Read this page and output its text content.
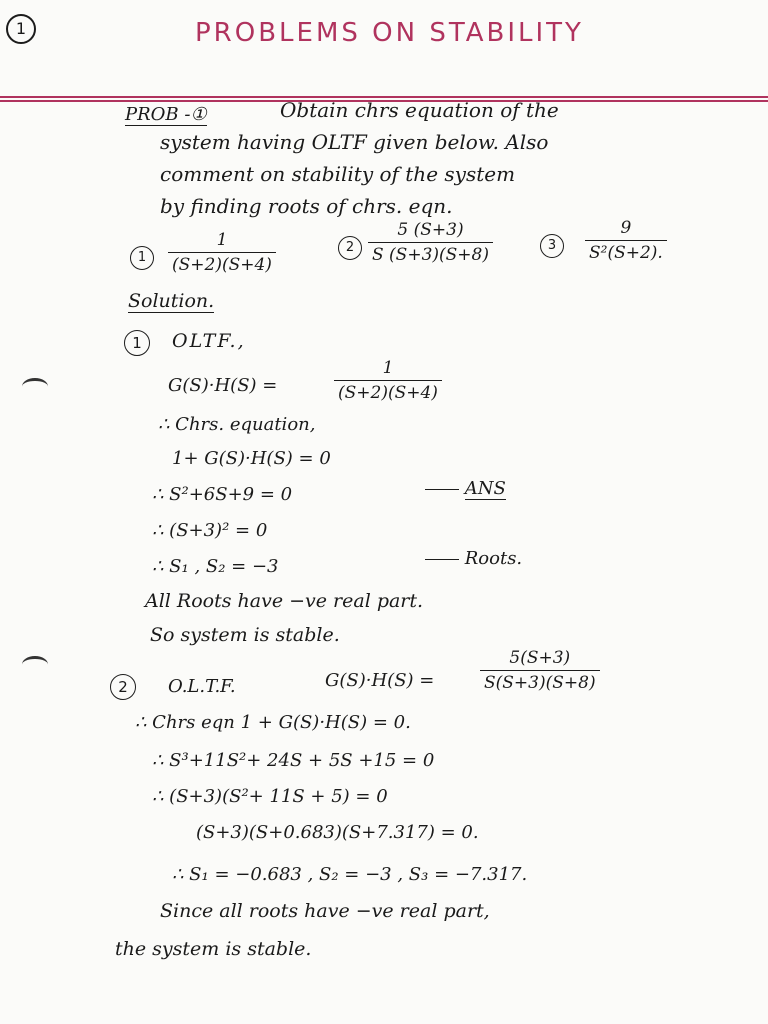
1	PROBLEMS ON STABILITY
PROB -①	Obtain chrs equation of the
system having OLTF given below. Also
comment on stability of the system
by finding roots of chrs. eqn.
1	$\frac{1}{(S+2)(S+4)}$	$2 \frac{5 (S+3)}{S (S+3)(S+8)}$	3	$\frac{9}{\text{S²(S+2).}}$
Solution.
1	OLTF.,
G(S)·H(S) =	$\frac{1}{(S+2)(S+4)}$
∴ Chrs. equation,
1+ G(S)·H(S) = 0
∴ S²+6S+9 = 0	ANS
∴ (S+3)² = 0
∴ S₁ , S₂ = −3	Roots.
All Roots have −ve real part.
So system is stable.
2	O.L.T.F.	G(S)·H(S) =	$\frac{5(S+3)}{S(S+3)(S+8)}$
∴ Chrs eqn 1 + G(S)·H(S) = 0.
∴ S³+11S²+ 24S + 5S +15 = 0
∴ (S+3)(S²+ 11S + 5) = 0
(S+3)(S+0.683)(S+7.317) = 0.
∴ S₁ = −0.683 , S₂ = −3 , S₃ = −7.317.
Since all roots have −ve real part,
the system is stable.
